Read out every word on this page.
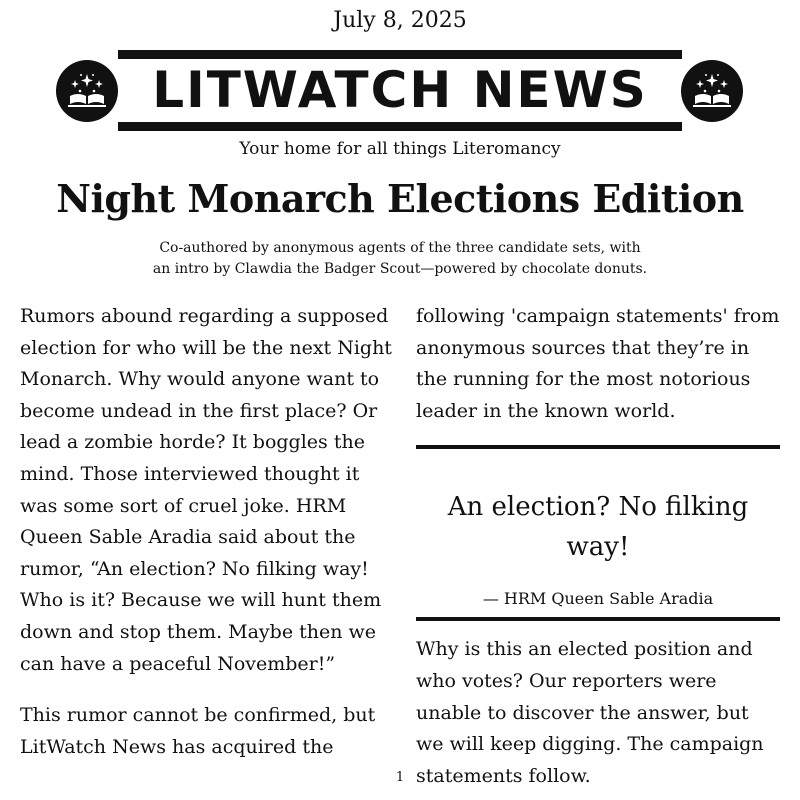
July 8, 2025
LITWATCH NEWS
Your home for all things Literomancy
Night Monarch Elections Edition
Co-authored by anonymous agents of the three candidate sets, with
an intro by Clawdia the Badger Scout—powered by chocolate donuts.

Rumors abound regarding a supposed election for who will be the next Night Monarch. Why would anyone want to become undead in the first place? Or lead a zombie horde? It boggles the mind. Those interviewed thought it was some sort of cruel joke. HRM Queen Sable Aradia said about the rumor, “An election? No filking way! Who is it? Because we will hunt them down and stop them. Maybe then we can have a peaceful November!”

This rumor cannot be confirmed, but LitWatch News has acquired the

following 'campaign statements' from anonymous sources that they’re in the running for the most notorious leader in the known world.

An election? No filking way!
— HRM Queen Sable Aradia

Why is this an elected position and who votes? Our reporters were unable to discover the answer, but we will keep digging. The campaign statements follow.

1
